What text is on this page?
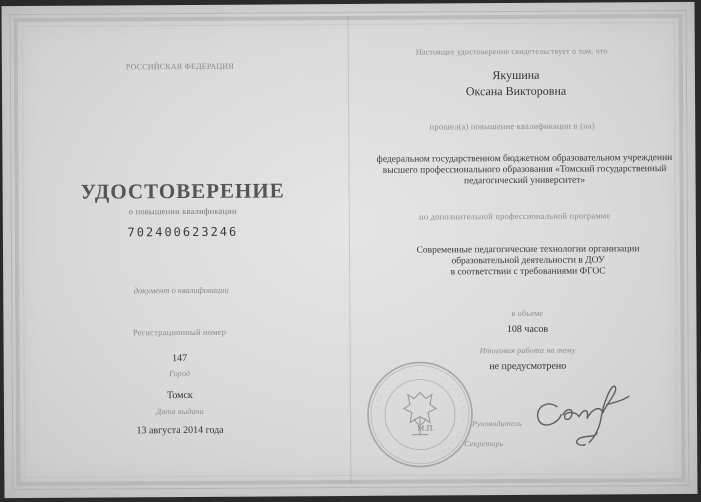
РОССИЙСКАЯ ФЕДЕРАЦИЯ
УДОСТОВЕРЕНИЕ
о повышении квалификации
702400623246
документ о квалификации
Регистрационный номер
147
Город
Томск
Дата выдачи
13 августа 2014 года
Настоящее удостоверение свидетельствует о том, что
Якушина
Оксана Викторовна
прошел(а) повышение квалификации в (на)
федеральном государственном бюджетном образовательном учреждении
высшего профессионального образования «Томский государственный
педагогический университет»
по дополнительной профессиональной программе
Современные педагогические технологии организации
образовательной деятельности в ДОУ
в соответствии с требованиями ФГОС
в объеме
108 часов
Итоговая работа на тему
не предусмотрено
· · · · · · · · · · · · · · · · · · · · · · · · · · · · · · · · · · · · ·
М.П.	Руководитель
Секретарь
